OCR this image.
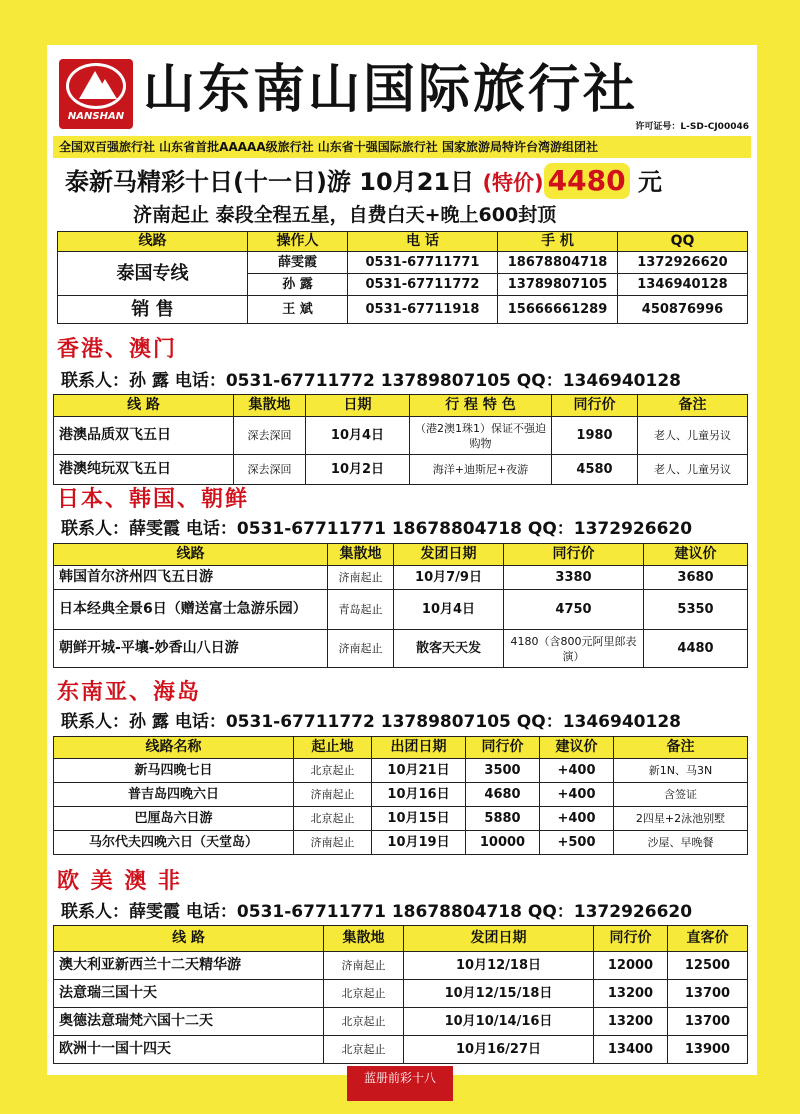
NANSHAN 山东南山国际旅行社
许可证号：L-SD-CJ00046
全国双百强旅行社 山东省首批AAAAA级旅行社 山东省十强国际旅行社 国家旅游局特许台湾游组团社
泰新马精彩十日(十一日)游 10月21日 (特价) 4480 元
济南起止 泰段全程五星，自费白天+晚上600封顶
线路	操作人	电 话	手 机	QQ
泰国专线	薛雯霞	0531-67711771	18678804718	1372926620
	孙 露	0531-67711772	13789807105	1346940128
销 售	王 斌	0531-67711918	15666661289	450876996
香港、澳门
联系人：孙 露 电话：0531-67711772 13789807105 QQ：1346940128
线 路	集散地	日期	行 程 特 色	同行价	备注
港澳品质双飞五日	深去深回	10月4日	（港2澳1珠1）保证不强迫购物	1980	老人、儿童另议
港澳纯玩双飞五日	深去深回	10月2日	海洋+迪斯尼+夜游	4580	老人、儿童另议
日本、韩国、朝鲜
联系人：薛雯霞 电话：0531-67711771 18678804718 QQ：1372926620
线路	集散地	发团日期	同行价	建议价
韩国首尔济州四飞五日游	济南起止	10月7/9日	3380	3680
日本经典全景6日（赠送富士急游乐园）	青岛起止	10月4日	4750	5350
朝鲜开城-平壤-妙香山八日游	济南起止	散客天天发	4180（含800元阿里郎表演）	4480
东南亚、海岛
联系人：孙 露 电话：0531-67711772 13789807105 QQ：1346940128
线路名称	起止地	出团日期	同行价	建议价	备注
新马四晚七日	北京起止	10月21日	3500	+400	新1N、马3N
普吉岛四晚六日	济南起止	10月16日	4680	+400	含签证
巴厘岛六日游	北京起止	10月15日	5880	+400	2四星+2泳池别墅
马尔代夫四晚六日（天堂岛）	济南起止	10月19日	10000	+500	沙屋、早晚餐
欧 美 澳 非
联系人：薛雯霞 电话：0531-67711771 18678804718 QQ：1372926620
线 路	集散地	发团日期	同行价	直客价
澳大利亚新西兰十二天精华游	济南起止	10月12/18日	12000	12500
法意瑞三国十天	北京起止	10月12/15/18日	13200	13700
奥德法意瑞梵六国十二天	北京起止	10月10/14/16日	13200	13700
欧洲十一国十四天	北京起止	10月16/27日	13400	13900
蓝册前彩十八
